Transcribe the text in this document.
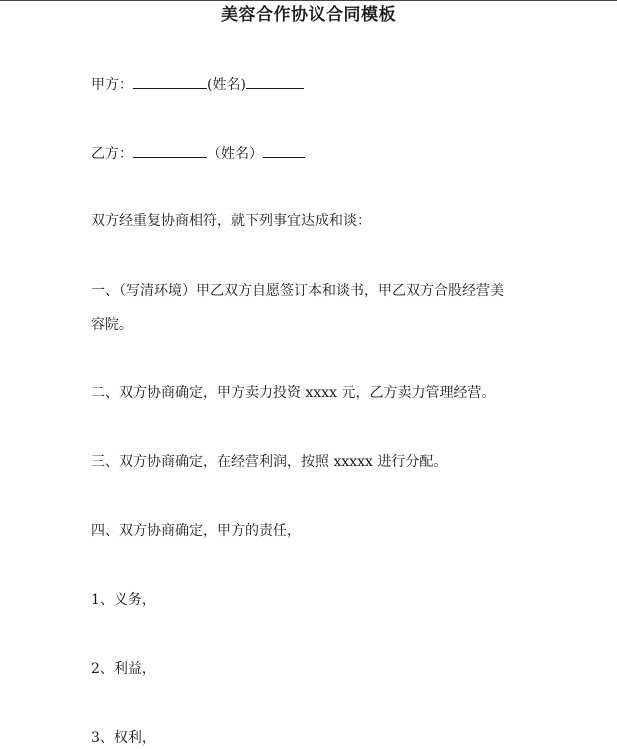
美容合作协议合同模板
甲方：	(姓名)
乙方：	（姓名）
双方经重复协商相符，就下列事宜达成和谈：
一、（写清环境）甲乙双方自愿签订本和谈书，甲乙双方合股经营美
容院。
二、双方协商确定，甲方卖力投资 xxxx 元，乙方卖力管理经营。
三、双方协商确定，在经营利润，按照 xxxxx 进行分配。
四、双方协商确定，甲方的责任，
1、义务，
2、利益，
3、权利，
